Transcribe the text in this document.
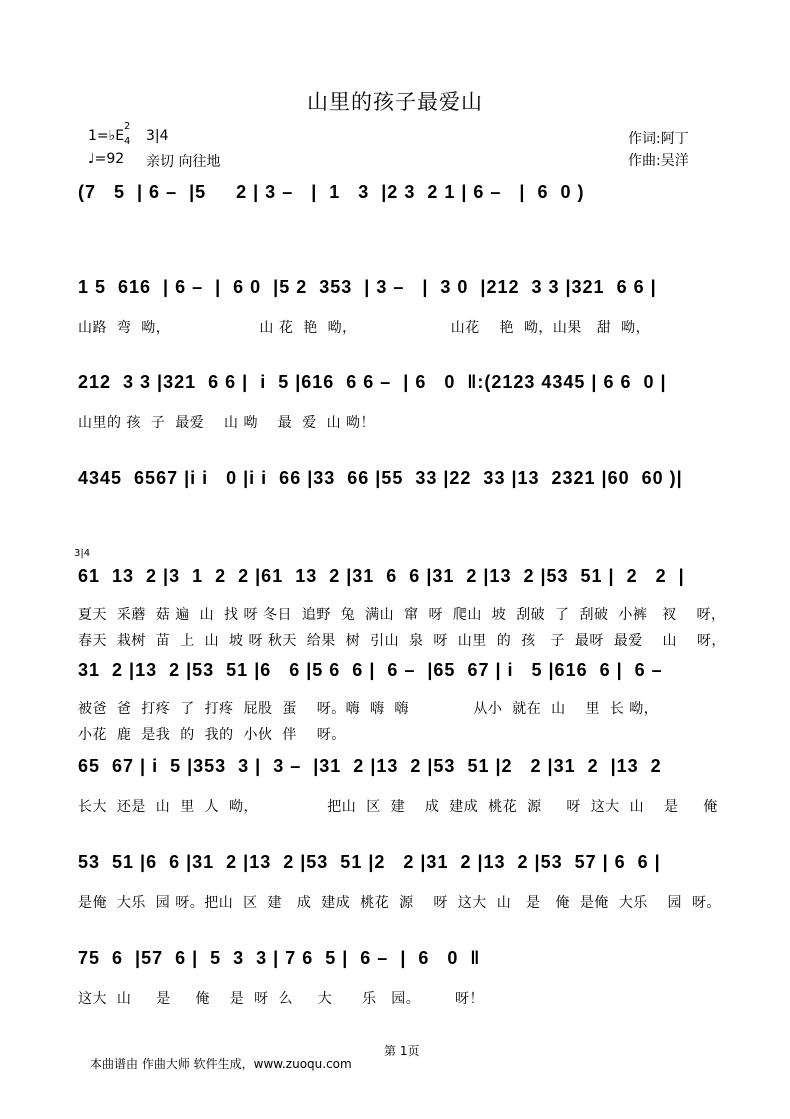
山里的孩子最爱山
1=♭E
2
4 3|4
♩=92 亲切 向往地
作词:阿丁
作曲:吴洋
(7   5  | 6 –  |5     2 | 3 –   |  1   3  |2 3  2 1 | 6 –   |  6  0 )
1 5  616  | 6 –  |  6 0  |5 2  353  | 3 –   |  3 0  |212  3 3 |321  6 6 |
山路  弯  呦，                  山 花  艳  呦，                   山花    艳  呦，山果   甜  呦，
212  3 3 |321  6 6 |  i  5 |616  6 6 –  | 6   0  ‖:(2123 4345 | 6 6  0 |
山里的 孩  子  最爱    山 呦    最  爱  山 呦！
4345  6567 |i i   0 |i i  66 |33  66 |55  33 |22  33 |13  2321 |60  60 )|
3|4
61  13  2 |3  1  2  2 |61  13  2 |31  6  6 |31  2 |13  2 |53  51 |  2   2  |
夏天  采蘑  菇 遍  山  找 呀 冬日  追野  兔  满山  窜  呀  爬山  坡  刮破  了  刮破  小裤   衩    呀，
春天  栽树  苗  上  山  坡 呀 秋天  给果  树  引山  泉  呀  山里  的  孩   子  最呀  最爱    山    呀，
31  2 |13  2 |53  51 |6   6 |5 6  6 |  6 –  |65  67 | i   5 |616  6 |  6 –
被爸  爸  打疼  了  打疼  屁股  蛋    呀。嗨  嗨  嗨             从小  就在  山    里  长 呦，
小花  鹿  是我  的  我的  小伙  伴    呀。
65  67 | i  5 |353  3 |  3 –  |31  2 |13  2 |53  51 |2   2 |31  2  |13  2
长大  还是  山  里  人  呦，              把山  区  建    成  建成  桃花  源     呀  这大  山    是     俺
53  51 |6  6 |31  2 |13  2 |53  51 |2   2 |31  2 |13  2 |53  57 | 6  6 |
是俺  大乐  园 呀。把山  区  建   成  建成  桃花  源    呀  这大  山   是   俺  是俺  大乐    园  呀。
75  6  |57  6 |  5  3  3 | 7 6  5 |  6 –  |  6   0  ‖
这大  山     是     俺    是  呀  么     大      乐   园。       呀！
第 1页
本曲谱由 作曲大师 软件生成，www.zuoqu.com
